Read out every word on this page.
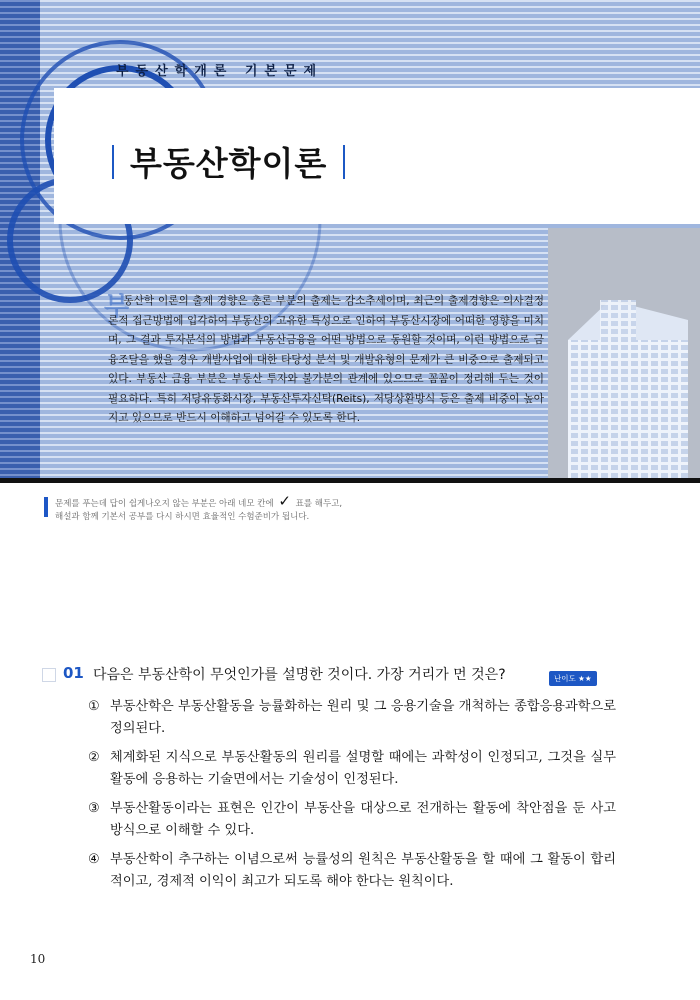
부동산학개론 기본문제
부동산학이론
부

동산학 이론의 출제 경향은 총론 부분의 출제는 감소추세이며, 최근의 출제경향은 의사결정론적 접근방법에 입각하여 부동산의 고유한 특성으로 인하여 부동산시장에 어떠한 영향을 미치며, 그 결과 투자분석의 방법과 부동산금융을 어떤 방법으로 동원할 것이며, 이런 방법으로 금융조달을 했을 경우 개발사업에 대한 타당성 분석 및 개발유형의 문제가 큰 비중으로 출제되고 있다. 부동산 금융 부분은 부동산 투자와 불가분의 관계에 있으므로 꼼꼼이 정리해 두는 것이 필요하다. 특히 저당유동화시장, 부동산투자신탁(Reits), 저당상환방식 등은 출제 비중이 높아지고 있으므로 반드시 이해하고 넘어갈 수 있도록 한다.

문제를 푸는데 답이 쉽게나오지 않는 부분은 아래 네모 칸에 ✓ 표를 해두고,
해설과 함께 기본서 공부를 다시 하시면 효율적인 수험준비가 됩니다.
01 다음은 부동산학이 무엇인가를 설명한 것이다. 가장 거리가 먼 것은?	난이도 ★★
① 부동산학은 부동산활동을 능률화하는 원리 및 그 응용기술을 개척하는 종합응용과학으로 정의된다.
② 체계화된 지식으로 부동산활동의 원리를 설명할 때에는 과학성이 인정되고, 그것을 실무활동에 응용하는 기술면에서는 기술성이 인정된다.
③ 부동산활동이라는 표현은 인간이 부동산을 대상으로 전개하는 활동에 착안점을 둔 사고방식으로 이해할 수 있다.
④ 부동산학이 추구하는 이념으로써 능률성의 원칙은 부동산활동을 할 때에 그 활동이 합리적이고, 경제적 이익이 최고가 되도록 해야 한다는 원칙이다.
10
